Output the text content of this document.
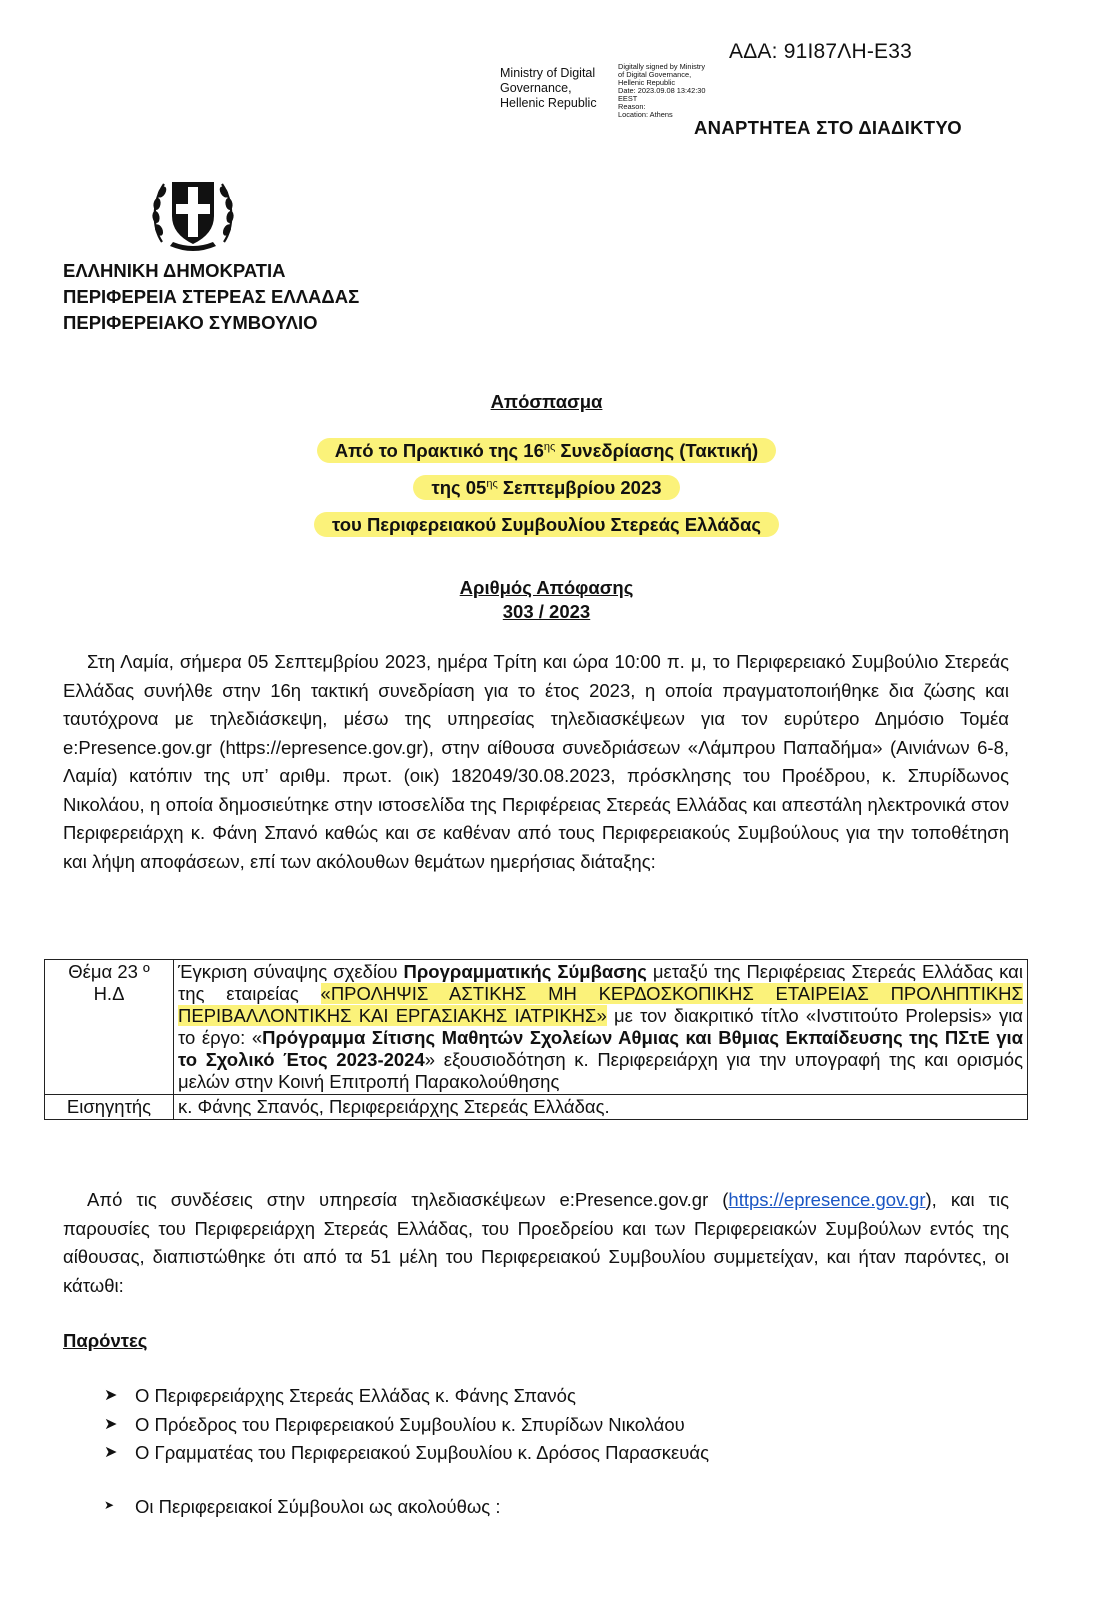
ΑΔΑ: 91Ι87ΛΗ-Ε33
Ministry of Digital
Governance,
Hellenic Republic
Digitally signed by Ministry
of Digital Governance,
Hellenic Republic
Date: 2023.09.08 13:42:30
EEST
Reason:
Location: Athens
ΑΝΑΡΤΗΤΕΑ ΣΤΟ ΔΙΑΔΙΚΤΥΟ
ΕΛΛΗΝΙΚΗ ΔΗΜΟΚΡΑΤΙΑ
ΠΕΡΙΦΕΡΕΙΑ ΣΤΕΡΕΑΣ ΕΛΛΑΔΑΣ
ΠΕΡΙΦΕΡΕΙΑΚΟ ΣΥΜΒΟΥΛΙΟ
Απόσπασμα
Από το Πρακτικό της $16^{\eta\varsigma}$ Συνεδρίασης (Τακτική)
της $05^{\eta\varsigma}$ Σεπτεμβρίου 2023
του Περιφερειακού Συμβουλίου Στερεάς Ελλάδας
Αριθμός Απόφασης
303 / 2023
Στη Λαμία, σήμερα 05 Σεπτεμβρίου 2023, ημέρα Τρίτη και ώρα 10:00 π. μ, το Περιφερειακό Συμβούλιο Στερεάς Ελλάδας συνήλθε στην 16η τακτική συνεδρίαση για το έτος 2023, η οποία πραγματοποιήθηκε δια ζώσης και ταυτόχρονα με τηλεδιάσκεψη, μέσω της υπηρεσίας τηλεδιασκέψεων για τον ευρύτερο Δημόσιο Τομέα e:Presence.gov.gr (https://epresence.gov.gr), στην αίθουσα συνεδριάσεων «Λάμπρου Παπαδήμα» (Αινιάνων 6-8, Λαμία) κατόπιν της υπ’ αριθμ. πρωτ. (οικ) 182049/30.08.2023, πρόσκλησης του Προέδρου, κ. Σπυρίδωνος Νικολάου, η οποία δημοσιεύτηκε στην ιστοσελίδα της Περιφέρειας Στερεάς Ελλάδας και απεστάλη ηλεκτρονικά στον Περιφερειάρχη κ. Φάνη Σπανό καθώς και σε καθέναν από τους Περιφερειακούς Συμβούλους για την τοποθέτηση και λήψη αποφάσεων, επί των ακόλουθων θεμάτων ημερήσιας διάταξης:
Θέμα 23 º
Η.Δ	Έγκριση σύναψης σχεδίου Προγραμματικής Σύμβασης μεταξύ της Περιφέρειας Στερεάς Ελλάδας και της εταιρείας «ΠΡΟΛΗΨΙΣ ΑΣΤΙΚΗΣ ΜΗ ΚΕΡΔΟΣΚΟΠΙΚΗΣ ΕΤΑΙΡΕΙΑΣ ΠΡΟΛΗΠΤΙΚΗΣ ΠΕΡΙΒΑΛΛΟΝΤΙΚΗΣ ΚΑΙ ΕΡΓΑΣΙΑΚΗΣ ΙΑΤΡΙΚΗΣ» με τον διακριτικό τίτλο «Ινστιτούτο Prolepsis» για το έργο: «Πρόγραμμα Σίτισης Μαθητών Σχολείων Αθμιας και Βθμιας Εκπαίδευσης της ΠΣτΕ για το Σχολικό Έτος 2023-2024» εξουσιοδότηση κ. Περιφερειάρχη για την υπογραφή της και ορισμός μελών στην Κοινή Επιτροπή Παρακολούθησης
Εισηγητής	κ. Φάνης Σπανός, Περιφερειάρχης Στερεάς Ελλάδας.
Από τις συνδέσεις στην υπηρεσία τηλεδιασκέψεων e:Presence.gov.gr (https://epresence.gov.gr), και τις παρουσίες του Περιφερειάρχη Στερεάς Ελλάδας, του Προεδρείου και των Περιφερειακών Συμβούλων εντός της αίθουσας, διαπιστώθηκε ότι από τα 51 μέλη του Περιφερειακού Συμβουλίου συμμετείχαν, και ήταν παρόντες, οι κάτωθι:
Παρόντες
➤ Ο Περιφερειάρχης Στερεάς Ελλάδας κ. Φάνης Σπανός
➤ Ο Πρόεδρος του Περιφερειακού Συμβουλίου κ. Σπυρίδων Νικολάου
➤ Ο Γραμματέας του Περιφερειακού Συμβουλίου κ. Δρόσος Παρασκευάς
➤ Οι Περιφερειακοί Σύμβουλοι ως ακολούθως :
